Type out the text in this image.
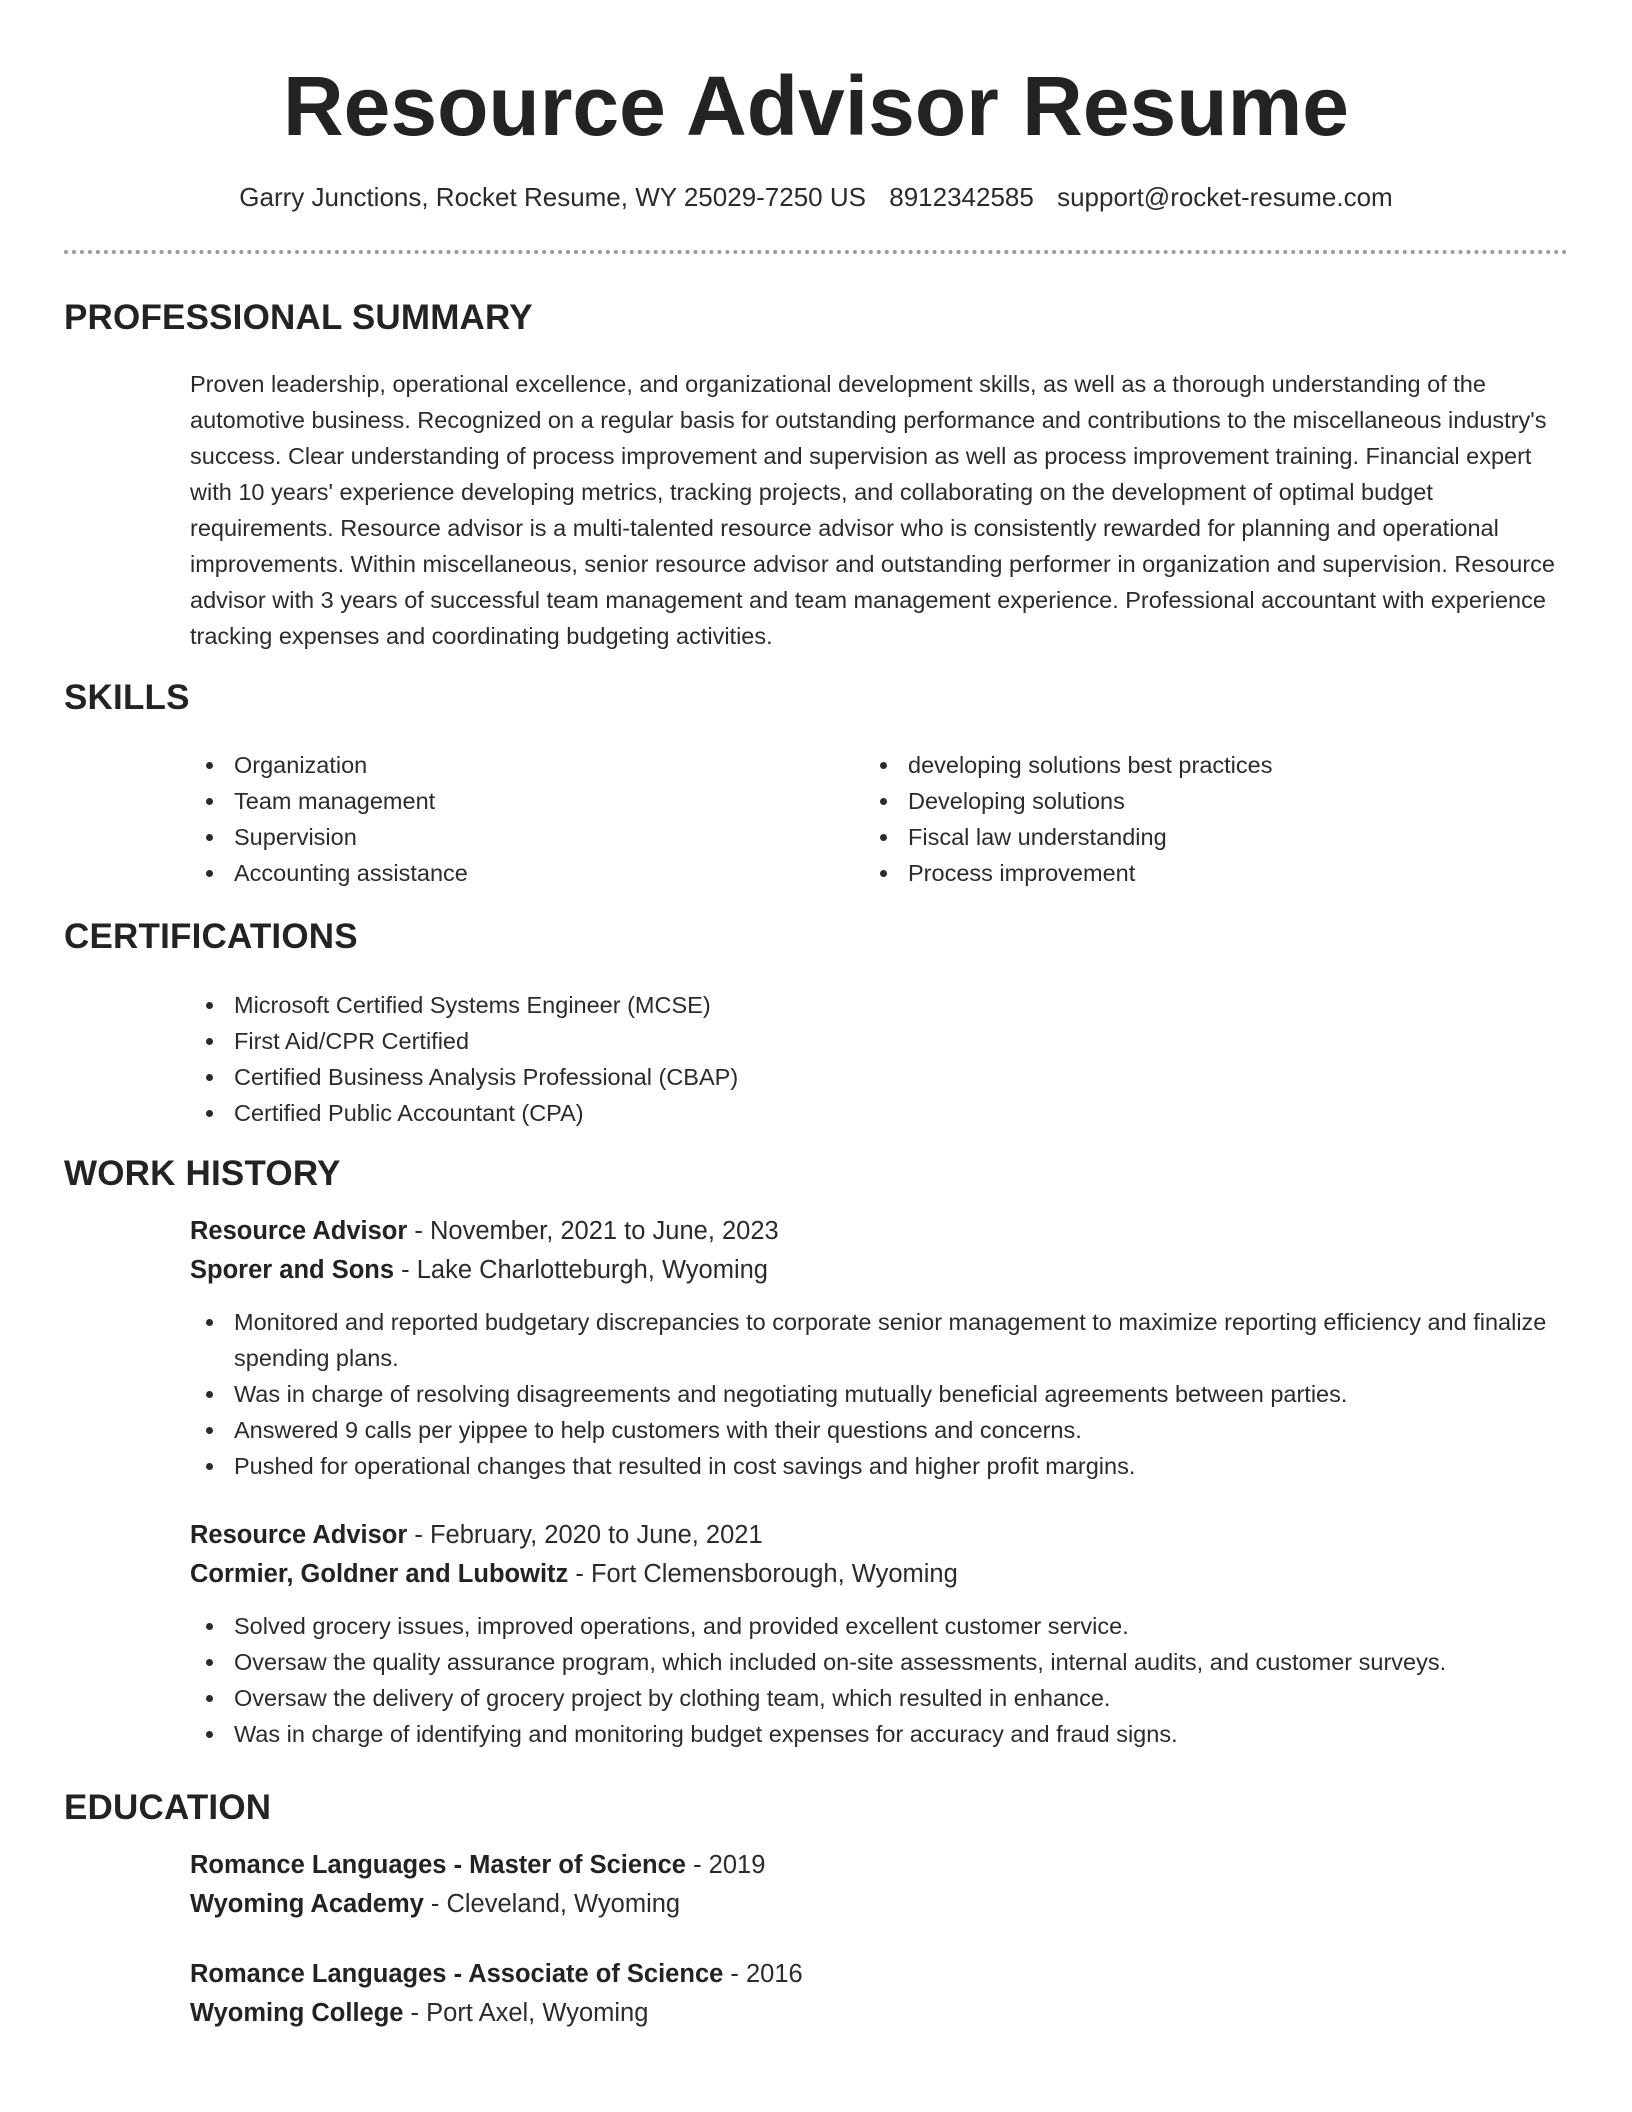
Resource Advisor Resume
Garry Junctions, Rocket Resume, WY 25029-7250 US 8912342585 support@rocket-resume.com
PROFESSIONAL SUMMARY

Proven leadership, operational excellence, and organizational development skills, as well as a thorough understanding of the automotive business. Recognized on a regular basis for outstanding performance and contributions to the miscellaneous industry's success. Clear understanding of process improvement and supervision as well as process improvement training. Financial expert with 10 years' experience developing metrics, tracking projects, and collaborating on the development of optimal budget requirements. Resource advisor is a multi-talented resource advisor who is consistently rewarded for planning and operational improvements. Within miscellaneous, senior resource advisor and outstanding performer in organization and supervision. Resource advisor with 3 years of successful team management and team management experience. Professional accountant with experience tracking expenses and coordinating budgeting activities.

SKILLS
Organization
Team management
Supervision
Accounting assistance
developing solutions best practices
Developing solutions
Fiscal law understanding
Process improvement
CERTIFICATIONS
Microsoft Certified Systems Engineer (MCSE)
First Aid/CPR Certified
Certified Business Analysis Professional (CBAP)
Certified Public Accountant (CPA)
WORK HISTORY
Resource Advisor - November, 2021 to June, 2023
Sporer and Sons - Lake Charlotteburgh, Wyoming
Monitored and reported budgetary discrepancies to corporate senior management to maximize reporting efficiency and finalize spending plans.
Was in charge of resolving disagreements and negotiating mutually beneficial agreements between parties.
Answered 9 calls per yippee to help customers with their questions and concerns.
Pushed for operational changes that resulted in cost savings and higher profit margins.
Resource Advisor - February, 2020 to June, 2021
Cormier, Goldner and Lubowitz - Fort Clemensborough, Wyoming
Solved grocery issues, improved operations, and provided excellent customer service.
Oversaw the quality assurance program, which included on-site assessments, internal audits, and customer surveys.
Oversaw the delivery of grocery project by clothing team, which resulted in enhance.
Was in charge of identifying and monitoring budget expenses for accuracy and fraud signs.
EDUCATION
Romance Languages - Master of Science - 2019
Wyoming Academy - Cleveland, Wyoming
Romance Languages - Associate of Science - 2016
Wyoming College - Port Axel, Wyoming
